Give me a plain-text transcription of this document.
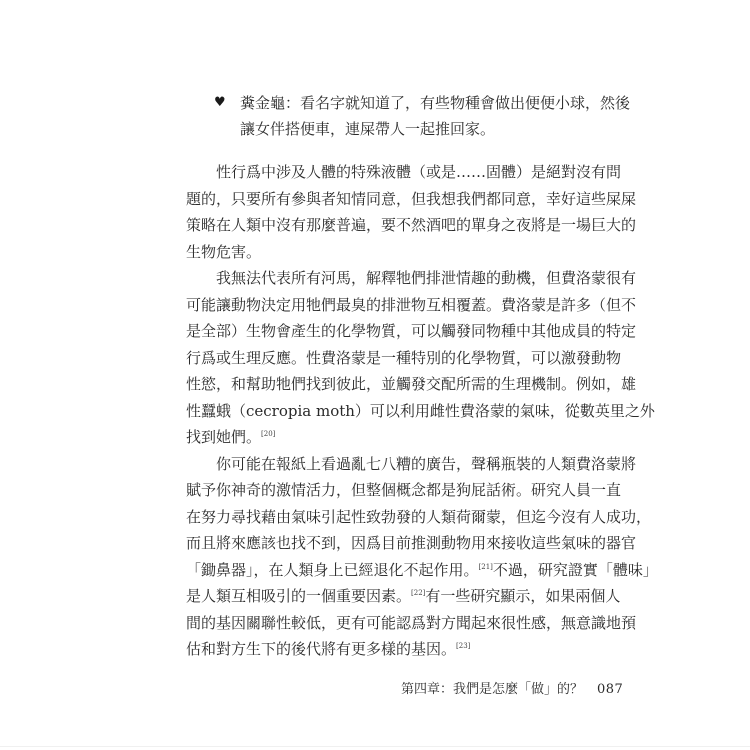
♥ 糞金龜：看名字就知道了，有些物種會做出便便小球，然後
讓女伴搭便車，連屎帶人一起推回家。
性行爲中涉及人體的特殊液體（或是……固體）是絕對沒有問
題的，只要所有參與者知情同意，但我想我們都同意，幸好這些屎屎
策略在人類中沒有那麼普遍，要不然酒吧的單身之夜將是一場巨大的
生物危害。
我無法代表所有河馬，解釋牠們排泄情趣的動機，但費洛蒙很有
可能讓動物決定用牠們最臭的排泄物互相覆蓋。費洛蒙是許多（但不
是全部）生物會產生的化學物質，可以觸發同物種中其他成員的特定
行爲或生理反應。性費洛蒙是一種特別的化學物質，可以激發動物
性慾，和幫助牠們找到彼此，並觸發交配所需的生理機制。例如，雄
性蠶蛾（cecropia moth）可以利用雌性費洛蒙的氣味，從數英里之外
找到她們。[20]
你可能在報紙上看過亂七八糟的廣告，聲稱瓶裝的人類費洛蒙將
賦予你神奇的激情活力，但整個概念都是狗屁話術。研究人員一直
在努力尋找藉由氣味引起性致勃發的人類荷爾蒙，但迄今沒有人成功，
而且將來應該也找不到，因爲目前推測動物用來接收這些氣味的器官
「鋤鼻器」，在人類身上已經退化不起作用。[21]不過，研究證實「體味」
是人類互相吸引的一個重要因素。[22]有一些研究顯示，如果兩個人
間的基因關聯性較低，更有可能認爲對方聞起來很性感，無意識地預
估和對方生下的後代將有更多樣的基因。[23]
第四章：我們是怎麼「做」的？ 087
